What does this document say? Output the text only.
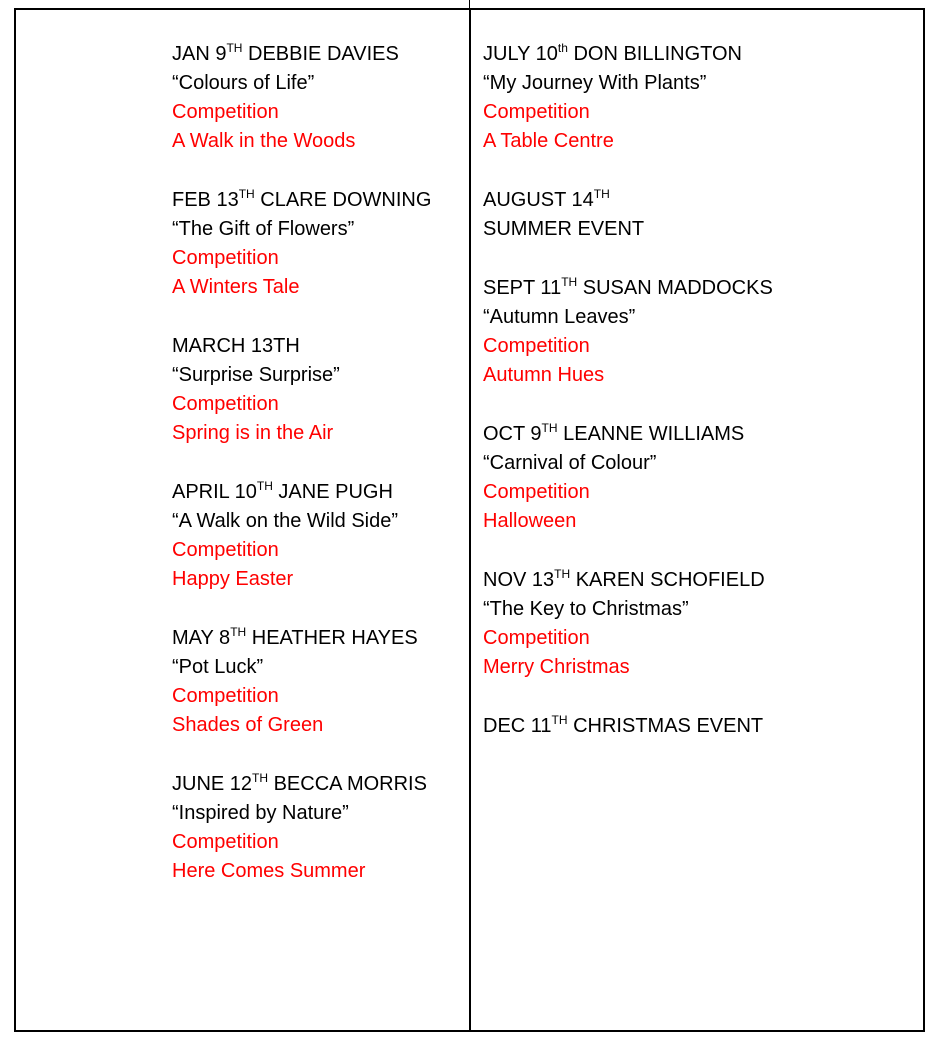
JAN 9TH DEBBIE DAVIES
“Colours of Life”
Competition
A Walk in the Woods
FEB 13TH CLARE DOWNING
“The Gift of Flowers”
Competition
A Winters Tale
MARCH 13TH
“Surprise Surprise”
Competition
Spring is in the Air
APRIL 10TH JANE PUGH
“A Walk on the Wild Side”
Competition
Happy Easter
MAY 8TH HEATHER HAYES
“Pot Luck”
Competition
Shades of Green
JUNE 12TH BECCA MORRIS
“Inspired by Nature”
Competition
Here Comes Summer
JULY 10th DON BILLINGTON
“My Journey With Plants”
Competition
A Table Centre
AUGUST 14TH
SUMMER EVENT
SEPT 11TH SUSAN MADDOCKS
“Autumn Leaves”
Competition
Autumn Hues
OCT 9TH LEANNE WILLIAMS
“Carnival of Colour”
Competition
Halloween
NOV 13TH KAREN SCHOFIELD
“The Key to Christmas”
Competition
Merry Christmas
DEC 11TH CHRISTMAS EVENT
